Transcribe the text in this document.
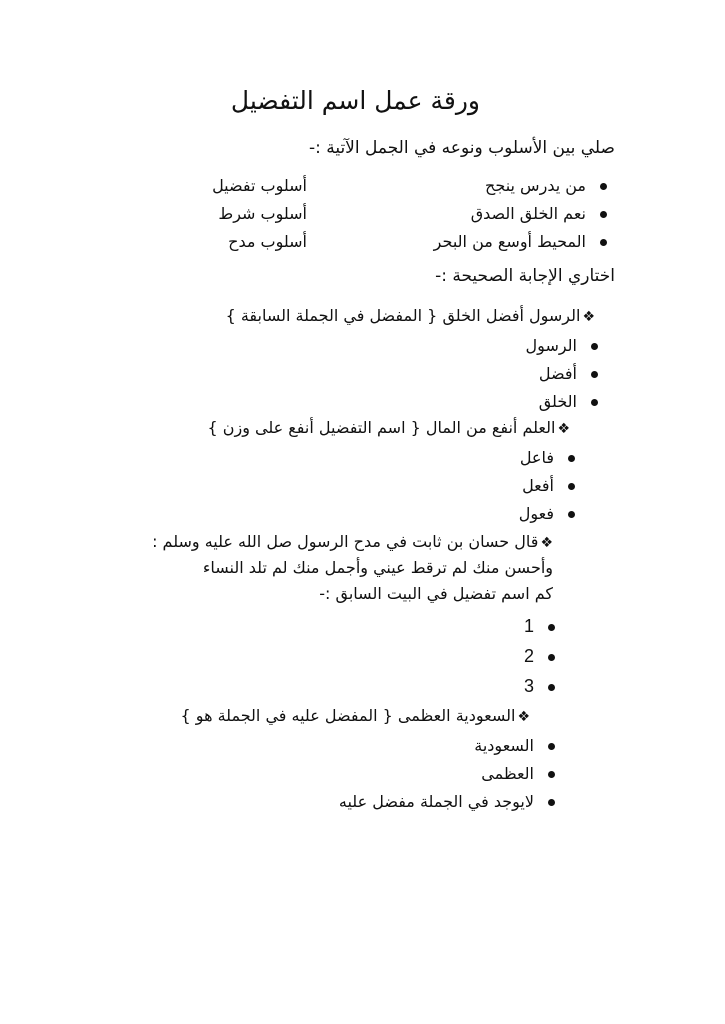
ورقة عمل اسم التفضيل
صلي بين الأسلوب ونوعه في الجمل الآتية :-
من يدرس ينجح
نعم الخلق الصدق
المحيط أوسع من البحر
أسلوب تفضيل
أسلوب شرط
أسلوب مدح
اختاري الإجابة الصحيحة :-
❖الرسول أفضل الخلق { المفضل في الجملة السابقة }
الرسول
أفضل
الخلق
❖العلم أنفع من المال { اسم التفضيل أنفع على وزن }
فاعل
أفعل
فعول
❖قال حسان بن ثابت في مدح الرسول صل الله عليه وسلم :
وأحسن منك لم ترقط عيني وأجمل منك لم تلد النساء
كم اسم تفضيل في البيت السابق :-
1
2
3
❖السعودية العظمى { المفضل عليه في الجملة هو }
السعودية
العظمى
لايوجد في الجملة مفضل عليه
